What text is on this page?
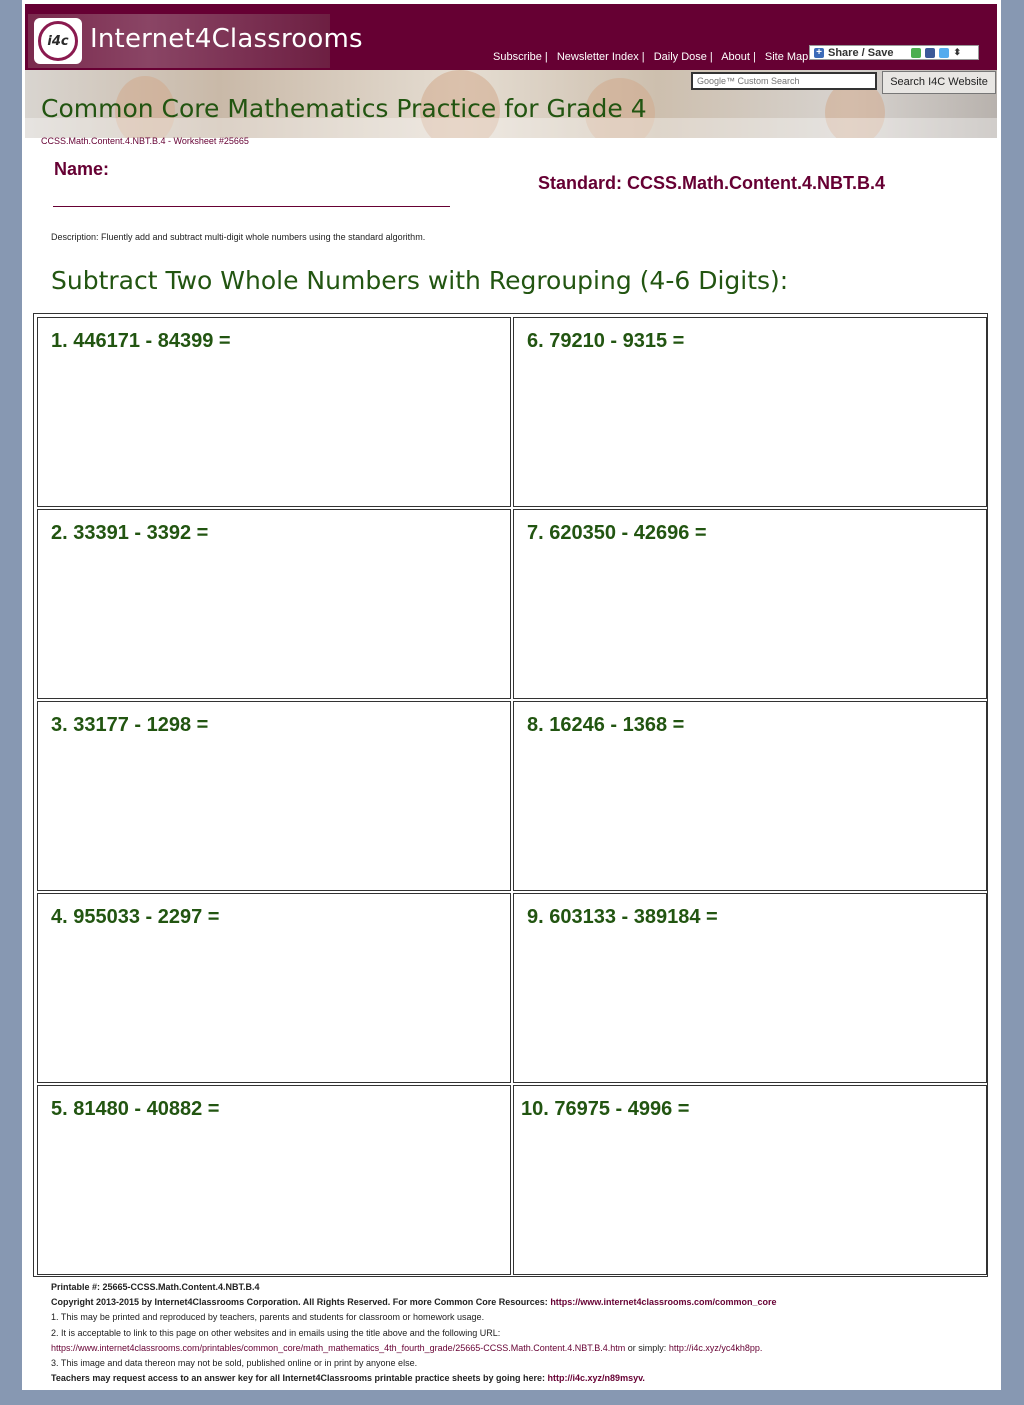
i4c Internet4Classrooms
Subscribe | Newsletter Index | Daily Dose | About | Site Map + Share / Save	⬍
Common Core Mathematics Practice for Grade 4
Google™ Custom Search
Search I4C Website
CCSS.Math.Content.4.NBT.B.4 - Worksheet #25665
Name:
Standard: CCSS.Math.Content.4.NBT.B.4
Description: Fluently add and subtract multi-digit whole numbers using the standard algorithm.
Subtract Two Whole Numbers with Regrouping (4-6 Digits):
1. 446171 - 84399 =
2. 33391 - 3392 =
3. 33177 - 1298 =
4. 955033 - 2297 =
5. 81480 - 40882 =
6. 79210 - 9315 =
7. 620350 - 42696 =
8. 16246 - 1368 =
9. 603133 - 389184 =
10. 76975 - 4996 =
Printable #: 25665-CCSS.Math.Content.4.NBT.B.4
Copyright 2013-2015 by Internet4Classrooms Corporation. All Rights Reserved. For more Common Core Resources: https://www.internet4classrooms.com/common_core
1. This may be printed and reproduced by teachers, parents and students for classroom or homework usage.
2. It is acceptable to link to this page on other websites and in emails using the title above and the following URL:
https://www.internet4classrooms.com/printables/common_core/math_mathematics_4th_fourth_grade/25665-CCSS.Math.Content.4.NBT.B.4.htm or simply: http://i4c.xyz/yc4kh8pp.
3. This image and data thereon may not be sold, published online or in print by anyone else.
Teachers may request access to an answer key for all Internet4Classrooms printable practice sheets by going here: http://i4c.xyz/n89msyv.
